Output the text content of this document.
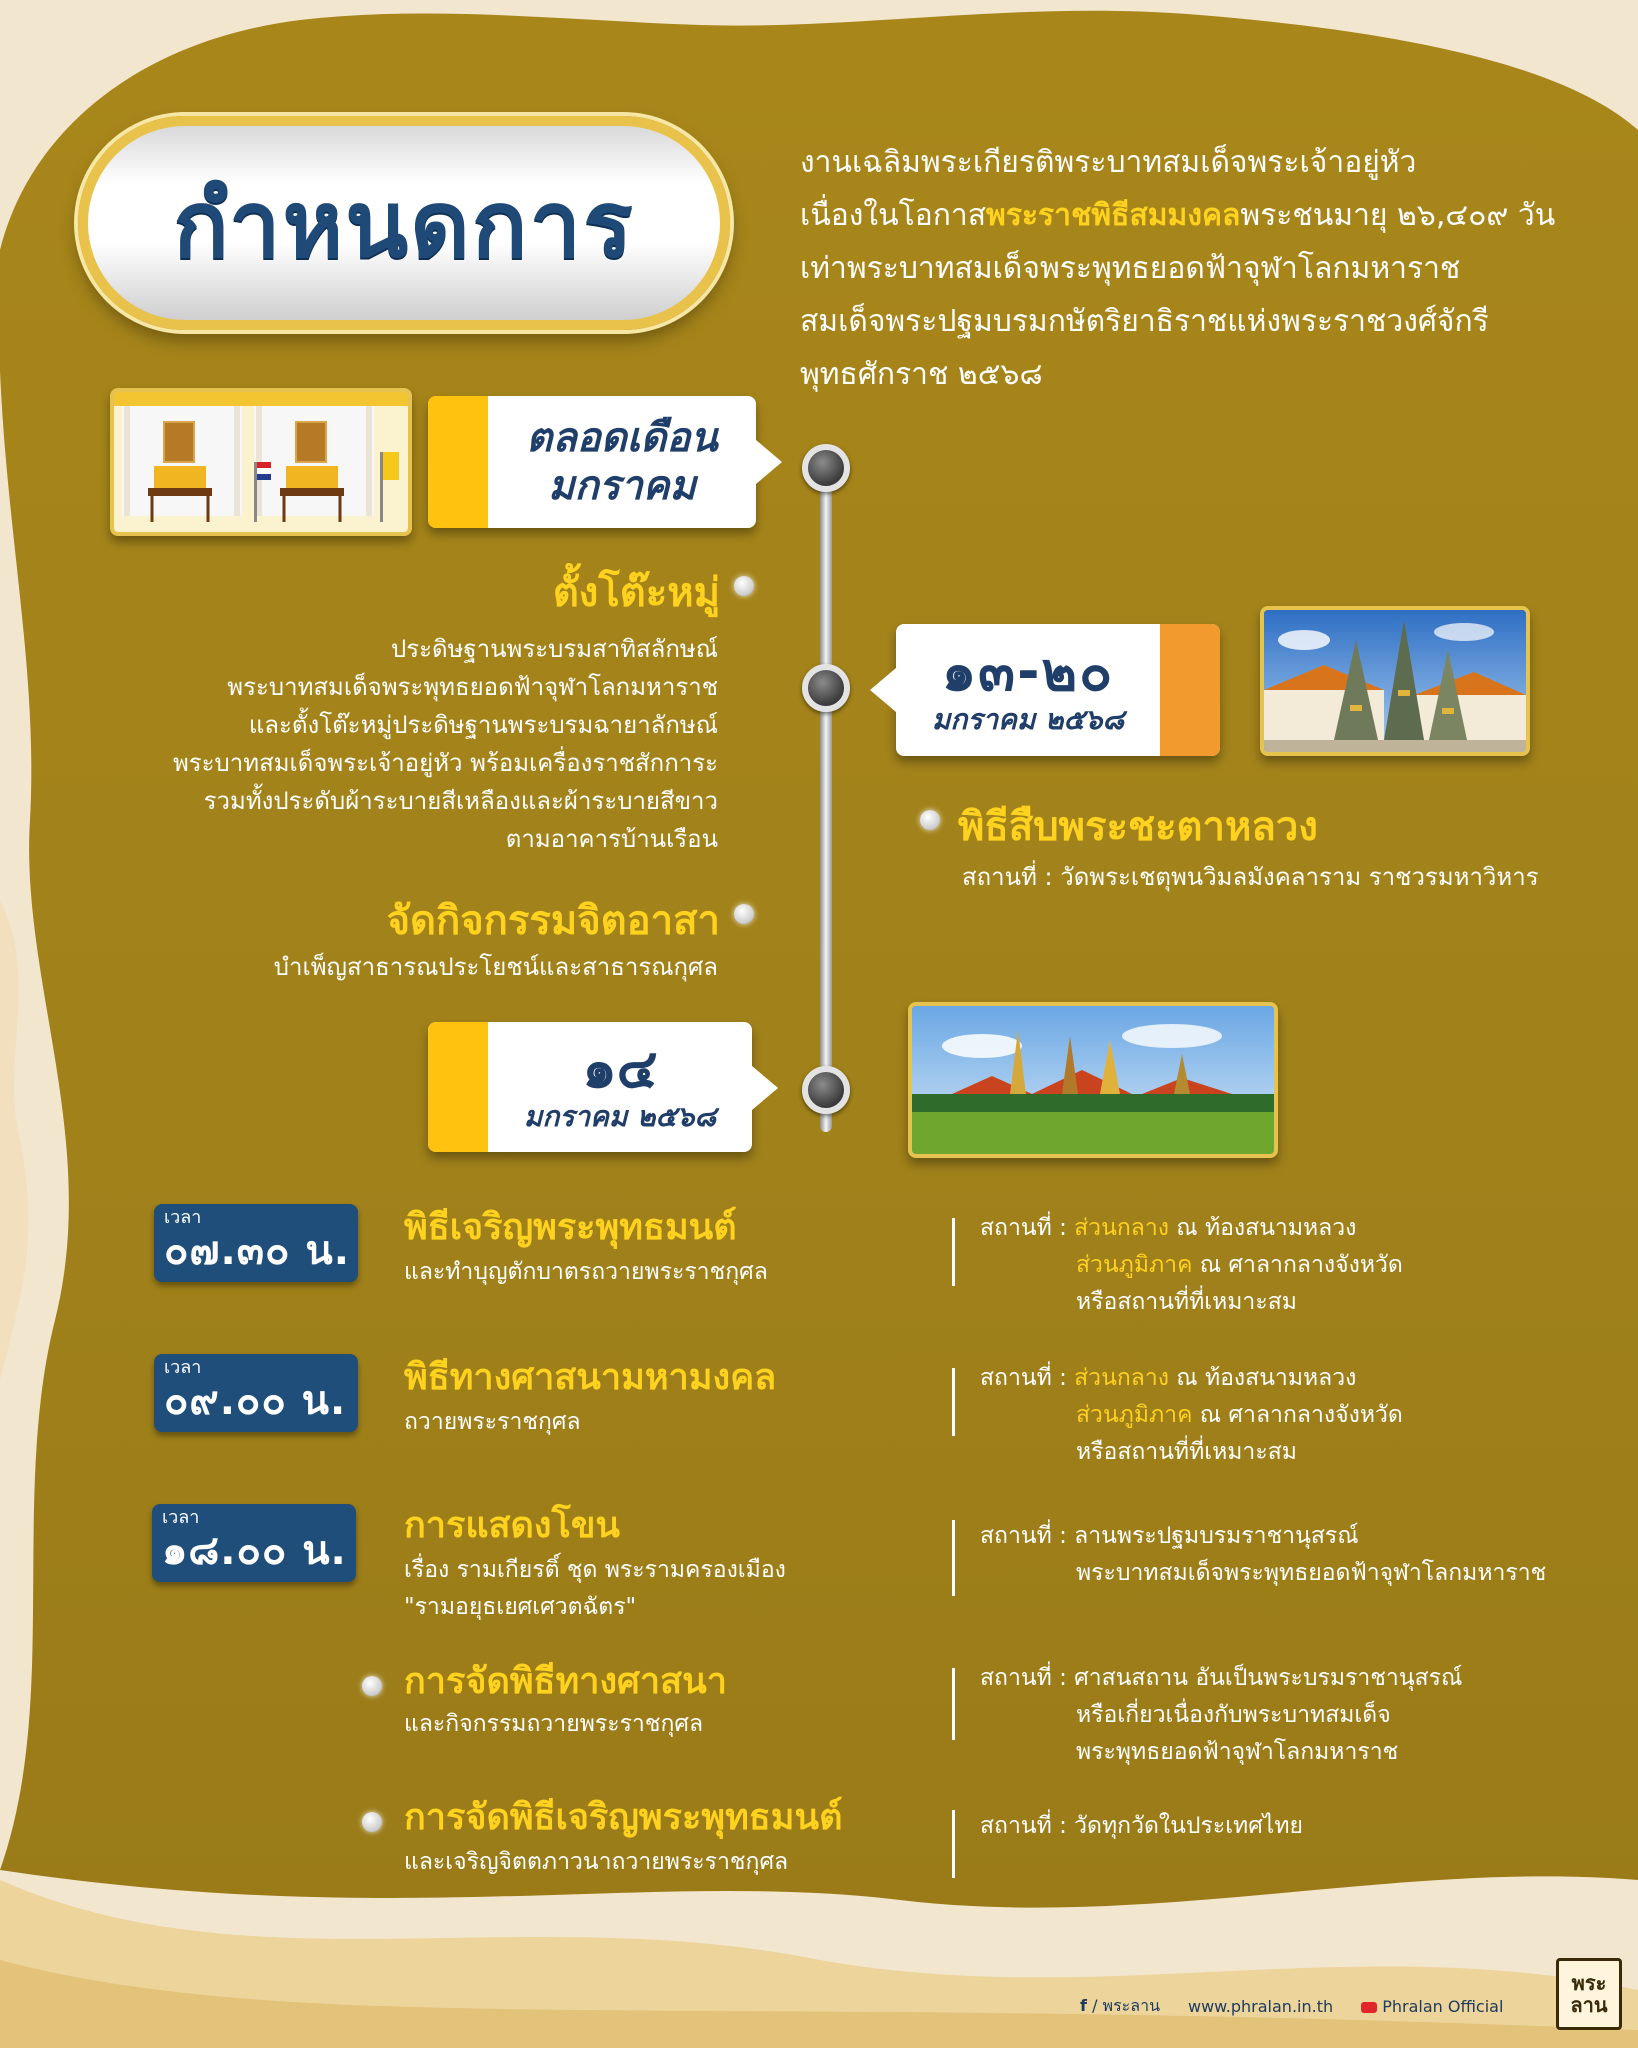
กำหนดการ

งานเฉลิมพระเกียรติพระบาทสมเด็จพระเจ้าอยู่หัว

เนื่องในโอกาสพระราชพิธีสมมงคลพระชนมายุ ๒๖,๔๐๙ วัน

เท่าพระบาทสมเด็จพระพุทธยอดฟ้าจุฬาโลกมหาราช

สมเด็จพระปฐมบรมกษัตริยาธิราชแห่งพระราชวงศ์จักรี

พุทธศักราช ๒๕๖๘

ตลอดเดือน
มกราคม
ตั้งโต๊ะหมู่
ประดิษฐานพระบรมสาทิสลักษณ์
พระบาทสมเด็จพระพุทธยอดฟ้าจุฬาโลกมหาราช
และตั้งโต๊ะหมู่ประดิษฐานพระบรมฉายาลักษณ์
พระบาทสมเด็จพระเจ้าอยู่หัว พร้อมเครื่องราชสักการะ
รวมทั้งประดับผ้าระบายสีเหลืองและผ้าระบายสีขาว
ตามอาคารบ้านเรือน
จัดกิจกรรมจิตอาสา
บำเพ็ญสาธารณประโยชน์และสาธารณกุศล
๑๓-๒๐
มกราคม ๒๕๖๘
พิธีสืบพระชะตาหลวง
สถานที่ : วัดพระเชตุพนวิมลมังคลาราม ราชวรมหาวิหาร
๑๔
มกราคม ๒๕๖๘
เวลา
๐๗.๓๐ น.
พิธีเจริญพระพุทธมนต์
และทำบุญตักบาตรถวายพระราชกุศล
สถานที่ : ส่วนกลาง ณ ท้องสนามหลวง
ส่วนภูมิภาค ณ ศาลากลางจังหวัด
หรือสถานที่ที่เหมาะสม
เวลา
๐๙.๐๐ น.
พิธีทางศาสนามหามงคล
ถวายพระราชกุศล
สถานที่ : ส่วนกลาง ณ ท้องสนามหลวง
ส่วนภูมิภาค ณ ศาลากลางจังหวัด
หรือสถานที่ที่เหมาะสม
เวลา
๑๘.๐๐ น.
การแสดงโขน
เรื่อง รามเกียรติ์ ชุด พระรามครองเมือง
"รามอยุธเยศเศวตฉัตร"
สถานที่ : ลานพระปฐมบรมราชานุสรณ์
พระบาทสมเด็จพระพุทธยอดฟ้าจุฬาโลกมหาราช
การจัดพิธีทางศาสนา
และกิจกรรมถวายพระราชกุศล
สถานที่ : ศาสนสถาน อันเป็นพระบรมราชานุสรณ์
หรือเกี่ยวเนื่องกับพระบาทสมเด็จ
พระพุทธยอดฟ้าจุฬาโลกมหาราช
การจัดพิธีเจริญพระพุทธมนต์
และเจริญจิตตภาวนาถวายพระราชกุศล
สถานที่ : วัดทุกวัดในประเทศไทย
f / พระลาน www.phralan.in.th	Phralan Official
พระลาน
